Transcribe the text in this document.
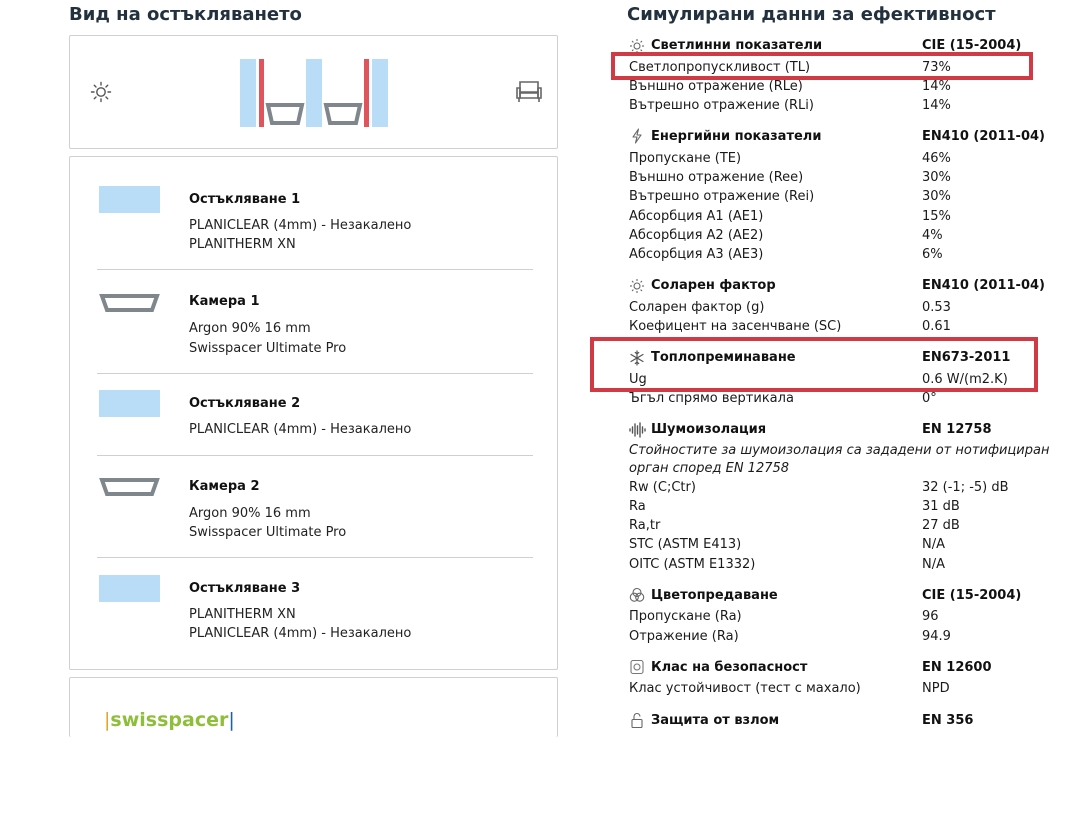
Вид на остъкляването
Остъкляване 1
PLANICLEAR (4mm) - Незакалено
PLANITHERM XN
Камера 1
Argon 90% 16 mm
Swisspacer Ultimate Pro
Остъкляване 2
PLANICLEAR (4mm) - Незакалено
Камера 2
Argon 90% 16 mm
Swisspacer Ultimate Pro
Остъкляване 3
PLANITHERM XN
PLANICLEAR (4mm) - Незакалено
|swisspacer|
Симулирани данни за ефективност
Светлинни показатели	CIE (15-2004)
Светлопропускливост (TL)	73%
Външно отражение (RLe)	14%
Вътрешно отражение (RLi)	14%
Енергийни показатели	EN410 (2011-04)
Пропускане (TE)	46%
Външно отражение (Ree)	30%
Вътрешно отражение (Rei)	30%
Абсорбция А1 (AE1)	15%
Абсорбция А2 (AE2)	4%
Абсорбция А3 (AE3)	6%
Соларен фактор	EN410 (2011-04)
Соларен фактор (g)	0.53
Коефицент на засенчване (SC)	0.61
Топлопреминаване	EN673-2011
Ug	0.6 W/(m2.K)
Ъгъл спрямо вертикала	0°
Шумоизолация	EN 12758
Стойностите за шумоизолация са зададени от нотифициран
орган според EN 12758
Rw (C;Ctr)	32 (-1; -5) dB
Ra	31 dB
Ra,tr	27 dB
STC (ASTM E413)	N/A
OITC (ASTM E1332)	N/A
Цветопредаване	CIE (15-2004)
Пропускане (Ra)	96
Отражение (Ra)	94.9
Клас на безопасност	EN 12600
Клас устойчивост (тест с махало)	NPD
Защита от взлом	EN 356
